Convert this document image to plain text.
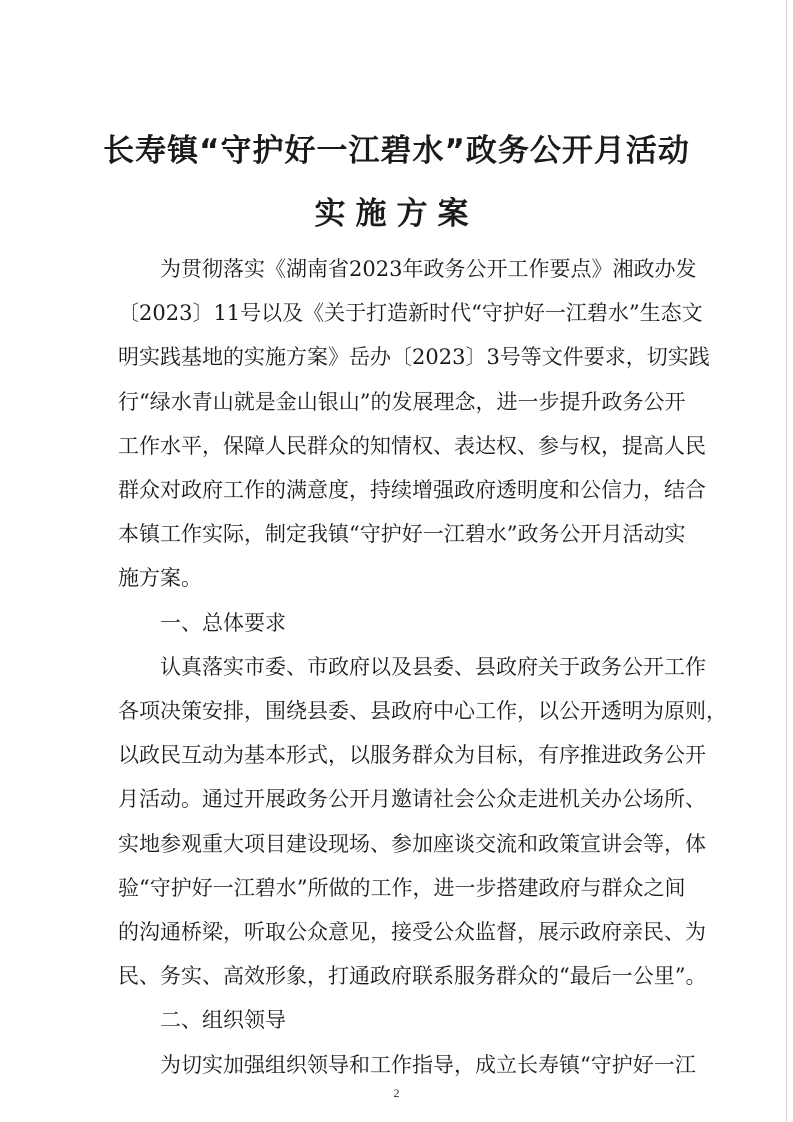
长寿镇“守护好一江碧水”政务公开月活动
实施方案
　　为贯彻落实《湖南省2023年政务公开工作要点》湘政办发
〔2023〕11号以及《关于打造新时代“守护好一江碧水”生态文
明实践基地的实施方案》岳办〔2023〕3号等文件要求，切实践
行“绿水青山就是金山银山”的发展理念，进一步提升政务公开
工作水平，保障人民群众的知情权、表达权、参与权，提高人民
群众对政府工作的满意度，持续增强政府透明度和公信力，结合
本镇工作实际，制定我镇“守护好一江碧水”政务公开月活动实
施方案。
　　一、总体要求
　　认真落实市委、市政府以及县委、县政府关于政务公开工作
各项决策安排，围绕县委、县政府中心工作，以公开透明为原则，
以政民互动为基本形式，以服务群众为目标，有序推进政务公开
月活动。通过开展政务公开月邀请社会公众走进机关办公场所、
实地参观重大项目建设现场、参加座谈交流和政策宣讲会等，体
验“守护好一江碧水”所做的工作，进一步搭建政府与群众之间
的沟通桥梁，听取公众意见，接受公众监督，展示政府亲民、为
民、务实、高效形象，打通政府联系服务群众的“最后一公里”。
2
　　二、组织领导
　　为切实加强组织领导和工作指导，成立长寿镇“守护好一江
